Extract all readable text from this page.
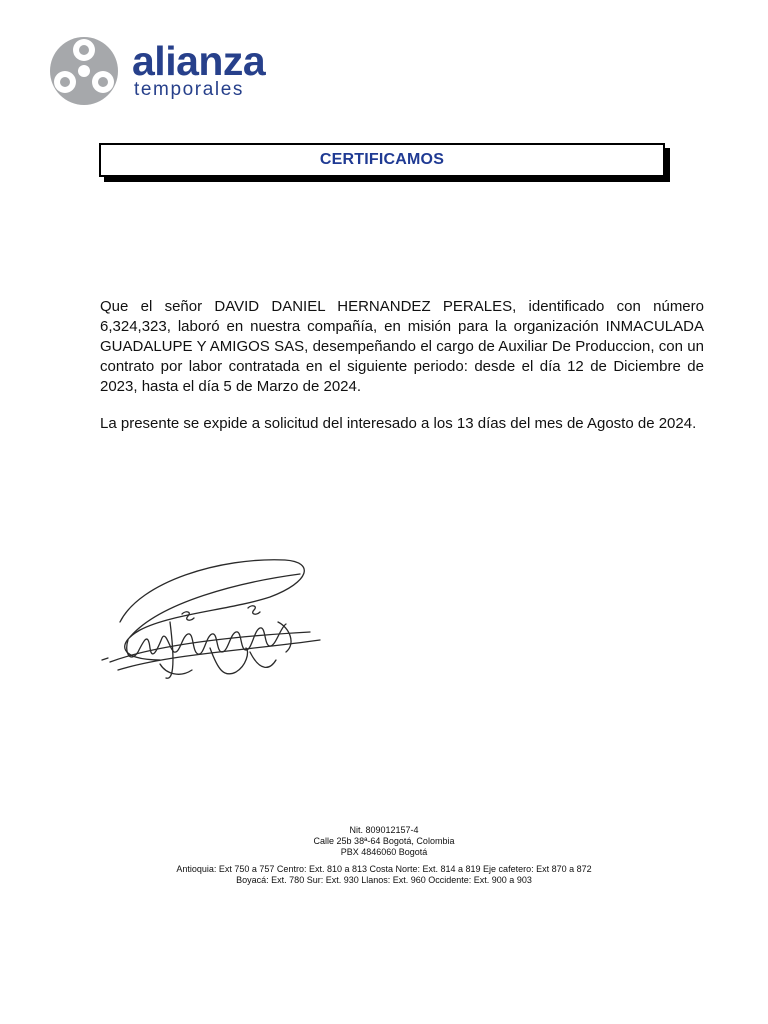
alianza
temporales
CERTIFICAMOS

Que el señor DAVID DANIEL HERNANDEZ PERALES, identificado con número 6,324,323, laboró en nuestra compañía, en misión para la organización INMACULADA GUADALUPE Y AMIGOS SAS, desempeñando el cargo de Auxiliar De Produccion, con un contrato por labor contratada en el siguiente periodo: desde el día 12 de Diciembre de 2023, hasta el día 5 de Marzo de 2024.

La presente se expide a solicitud del interesado a los 13 días del mes de Agosto de 2024.

Nit. 809012157-4
Calle 25b 38ª-64 Bogotá, Colombia
PBX 4846060 Bogotá
Antioquia: Ext 750 a 757 Centro: Ext. 810 a 813 Costa Norte: Ext. 814 a 819 Eje cafetero: Ext 870 a 872
Boyacá: Ext. 780 Sur: Ext. 930 Llanos: Ext. 960 Occidente: Ext. 900 a 903
